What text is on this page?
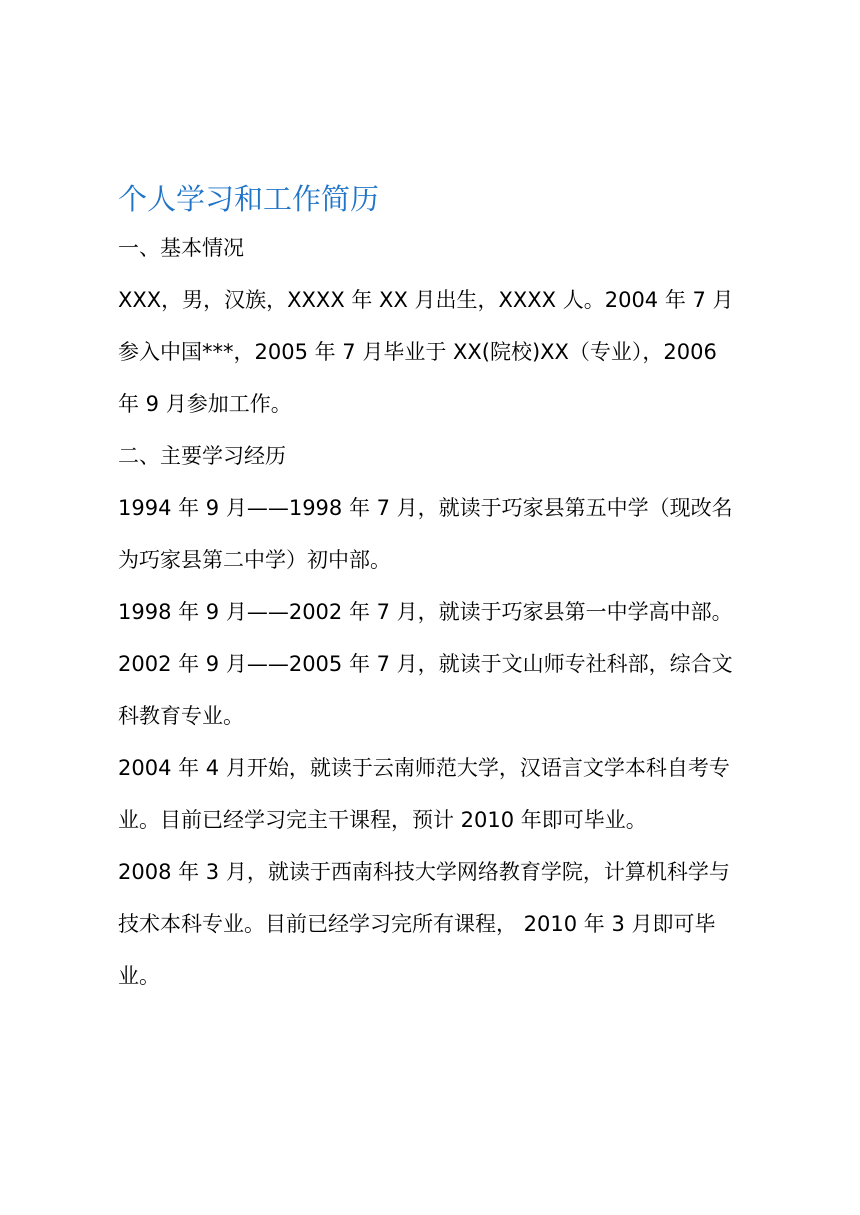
个人学习和工作简历
一、基本情况

XXX，男，汉族，XXXX 年 XX 月出生，XXXX 人。2004 年 7 月参入中国***，2005 年 7 月毕业于 XX(院校)XX（专业），2006 年 9 月参加工作。

二、主要学习经历

1994 年 9 月——1998 年 7 月，就读于巧家县第五中学（现改名为巧家县第二中学）初中部。

1998 年 9 月——2002 年 7 月，就读于巧家县第一中学高中部。

2002 年 9 月——2005 年 7 月，就读于文山师专社科部，综合文科教育专业。

2004 年 4 月开始，就读于云南师范大学，汉语言文学本科自考专业。目前已经学习完主干课程，预计 2010 年即可毕业。

2008 年 3 月，就读于西南科技大学网络教育学院，计算机科学与技术本科专业。目前已经学习完所有课程， 2010 年 3 月即可毕业。
